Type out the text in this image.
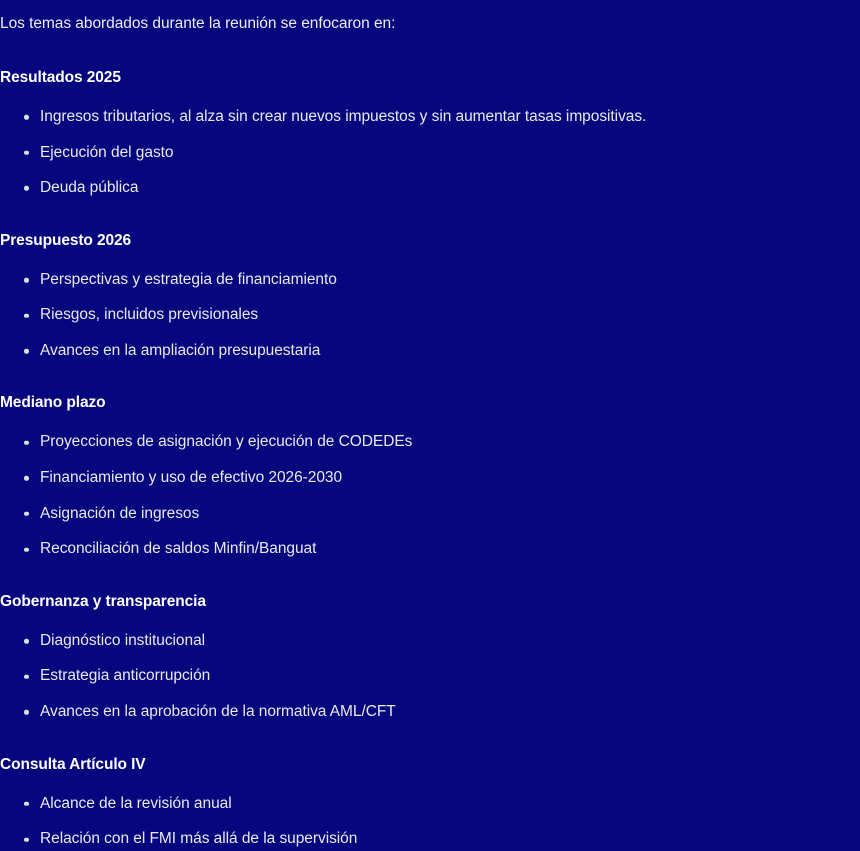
Los temas abordados durante la reunión se enfocaron en:

Resultados 2025
Ingresos tributarios, al alza sin crear nuevos impuestos y sin aumentar tasas impositivas.
Ejecución del gasto
Deuda pública
Presupuesto 2026
Perspectivas y estrategia de financiamiento
Riesgos, incluidos previsionales
Avances en la ampliación presupuestaria
Mediano plazo
Proyecciones de asignación y ejecución de CODEDEs
Financiamiento y uso de efectivo 2026-2030
Asignación de ingresos
Reconciliación de saldos Minfin/Banguat
Gobernanza y transparencia
Diagnóstico institucional
Estrategia anticorrupción
Avances en la aprobación de la normativa AML/CFT
Consulta Artículo IV
Alcance de la revisión anual
Relación con el FMI más allá de la supervisión
